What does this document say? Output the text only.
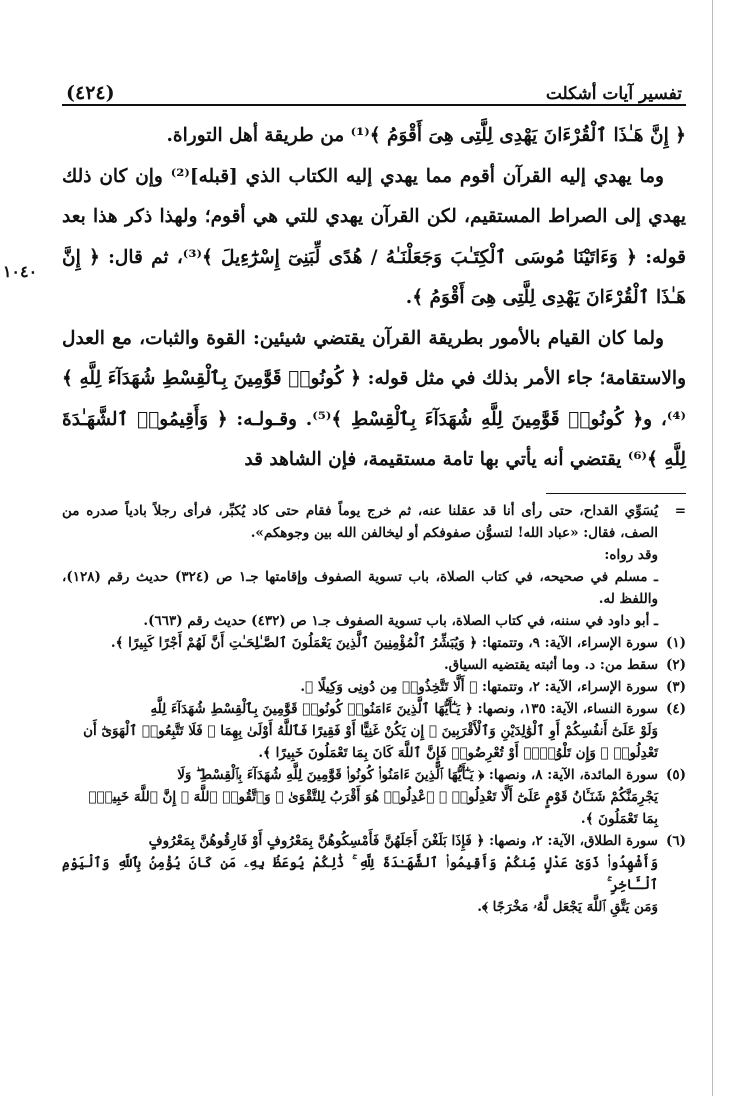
١٠٤٠
تفسير آيات أشكلت
(٤٢٤)

﴿ إِنَّ هَـٰذَا ٱلْقُرْءَانَ يَهْدِى لِلَّتِى هِىَ أَقْوَمُ ﴾⁽¹⁾ من طريقة أهل التوراة.

وما يهدي إليه القرآن أقوم مما يهدي إليه الكتاب الذي [قبله]⁽²⁾ وإن كان ذلك يهدي إلى الصراط المستقيم، لكن القرآن يهدي للتي هي أقوم؛ ولهذا ذكر هذا بعد قوله: ﴿ وَءَاتَيْنَا مُوسَى ٱلْكِتَـٰبَ وَجَعَلْنَـٰهُ / هُدًى لِّبَنِىٓ إِسْرَٰٓءِيلَ ﴾⁽³⁾، ثم قال: ﴿ إِنَّ هَـٰذَا ٱلْقُرْءَانَ يَهْدِى لِلَّتِى هِىَ أَقْوَمُ ﴾.

ولما كان القيام بالأمور بطريقة القرآن يقتضي شيئين: القوة والثبات، مع العدل والاستقامة؛ جاء الأمر بذلك في مثل قوله: ﴿ كُونُوا۟ قَوَّٰمِينَ بِٱلْقِسْطِ شُهَدَآءَ لِلَّهِ ﴾⁽⁴⁾، و﴿ كُونُوا۟ قَوَّٰمِينَ لِلَّهِ شُهَدَآءَ بِٱلْقِسْطِ ﴾⁽⁵⁾. وقـولـه: ﴿ وَأَقِيمُوا۟ ٱلشَّهَـٰدَةَ لِلَّهِ ﴾⁽⁶⁾ يقتضي أنه يأتي بها تامة مستقيمة، فإن الشاهد قد

=
يُسَوِّي القداح، حتى رأى أنا قد عقلنا عنه، ثم خرج يوماً فقام حتى كاد يُكبِّر، فرأى رجلاً بادياً صدره من الصف، فقال: «عباد الله! لتسوُّن صفوفكم أو ليخالفن الله بين وجوهكم».
وقد رواه:
ـ مسلم في صحيحه، في كتاب الصلاة، باب تسوية الصفوف وإقامتها جـ١ ص (٣٢٤) حديث رقم (١٢٨)، واللفظ له.
ـ أبو داود في سننه، في كتاب الصلاة، باب تسوية الصفوف جـ١ ص (٤٣٢) حديث رقم (٦٦٣).
(١)
سورة الإسراء، الآية: ٩، وتتمتها: ﴿ وَيُبَشِّرُ ٱلْمُؤْمِنِينَ ٱلَّذِينَ يَعْمَلُونَ ٱلصَّـٰلِحَـٰتِ أَنَّ لَهُمْ أَجْرًا كَبِيرًا ﴾.
(٢)
سقط من: د. وما أثبته يقتضيه السياق.
(٣)
سورة الإسراء، الآية: ٢، وتتمتها: ﴿ أَلَّا تَتَّخِذُوا۟ مِن دُونِى وَكِيلًا ﴾.
(٤)
سورة النساء، الآية: ١٣٥، ونصها: ﴿ يَـٰٓأَيُّهَا ٱلَّذِينَ ءَامَنُوا۟ كُونُوا۟ قَوَّٰمِينَ بِٱلْقِسْطِ شُهَدَآءَ لِلَّهِ
وَلَوْ عَلَىٰٓ أَنفُسِكُمْ أَوِ ٱلْوَٰلِدَيْنِ وَٱلْأَقْرَبِينَ ۚ إِن يَكُنْ غَنِيًّا أَوْ فَقِيرًا فَٱللَّهُ أَوْلَىٰ بِهِمَا ۖ فَلَا تَتَّبِعُوا۟ ٱلْهَوَىٰٓ أَن
تَعْدِلُوا۟ ۚ وَإِن تَلْوُۥٓا۟ أَوْ تُعْرِضُوا۟ فَإِنَّ ٱللَّهَ كَانَ بِمَا تَعْمَلُونَ خَبِيرًا ﴾.
(٥)
سورة المائدة، الآية: ٨، ونصها: ﴿ يَـٰٓأَيُّهَا ٱلَّذِينَ ءَامَنُوا۟ كُونُوا۟ قَوَّٰمِينَ لِلَّهِ شُهَدَآءَ بِٱلْقِسْطِ ۖ وَلَا
يَجْرِمَنَّكُمْ شَنَـَٔانُ قَوْمٍ عَلَىٰٓ أَلَّا تَعْدِلُوا۟ ۚ ٱعْدِلُوا۟ هُوَ أَقْرَبُ لِلتَّقْوَىٰ ۖ وَٱتَّقُوا۟ ٱللَّهَ ۚ إِنَّ ٱللَّهَ خَبِيرٌۢ
بِمَا تَعْمَلُونَ ﴾.
(٦)
سورة الطلاق، الآية: ٢، ونصها: ﴿ فَإِذَا بَلَغْنَ أَجَلَهُنَّ فَأَمْسِكُوهُنَّ بِمَعْرُوفٍ أَوْ فَارِقُوهُنَّ بِمَعْرُوفٍ
وَأَشْهِدُوا۟ ذَوَىْ عَدْلٍ مِّنكُمْ وَأَقِيمُوا۟ ٱلشَّهَـٰدَةَ لِلَّهِ ۚ ذَٰلِكُمْ يُوعَظُ بِهِۦ مَن كَانَ يُؤْمِنُ بِٱللَّهِ وَٱلْيَوْمِ ٱلْـَٔاخِرِ ۚ
وَمَن يَتَّقِ ٱللَّهَ يَجْعَل لَّهُۥ مَخْرَجًا ﴾.
